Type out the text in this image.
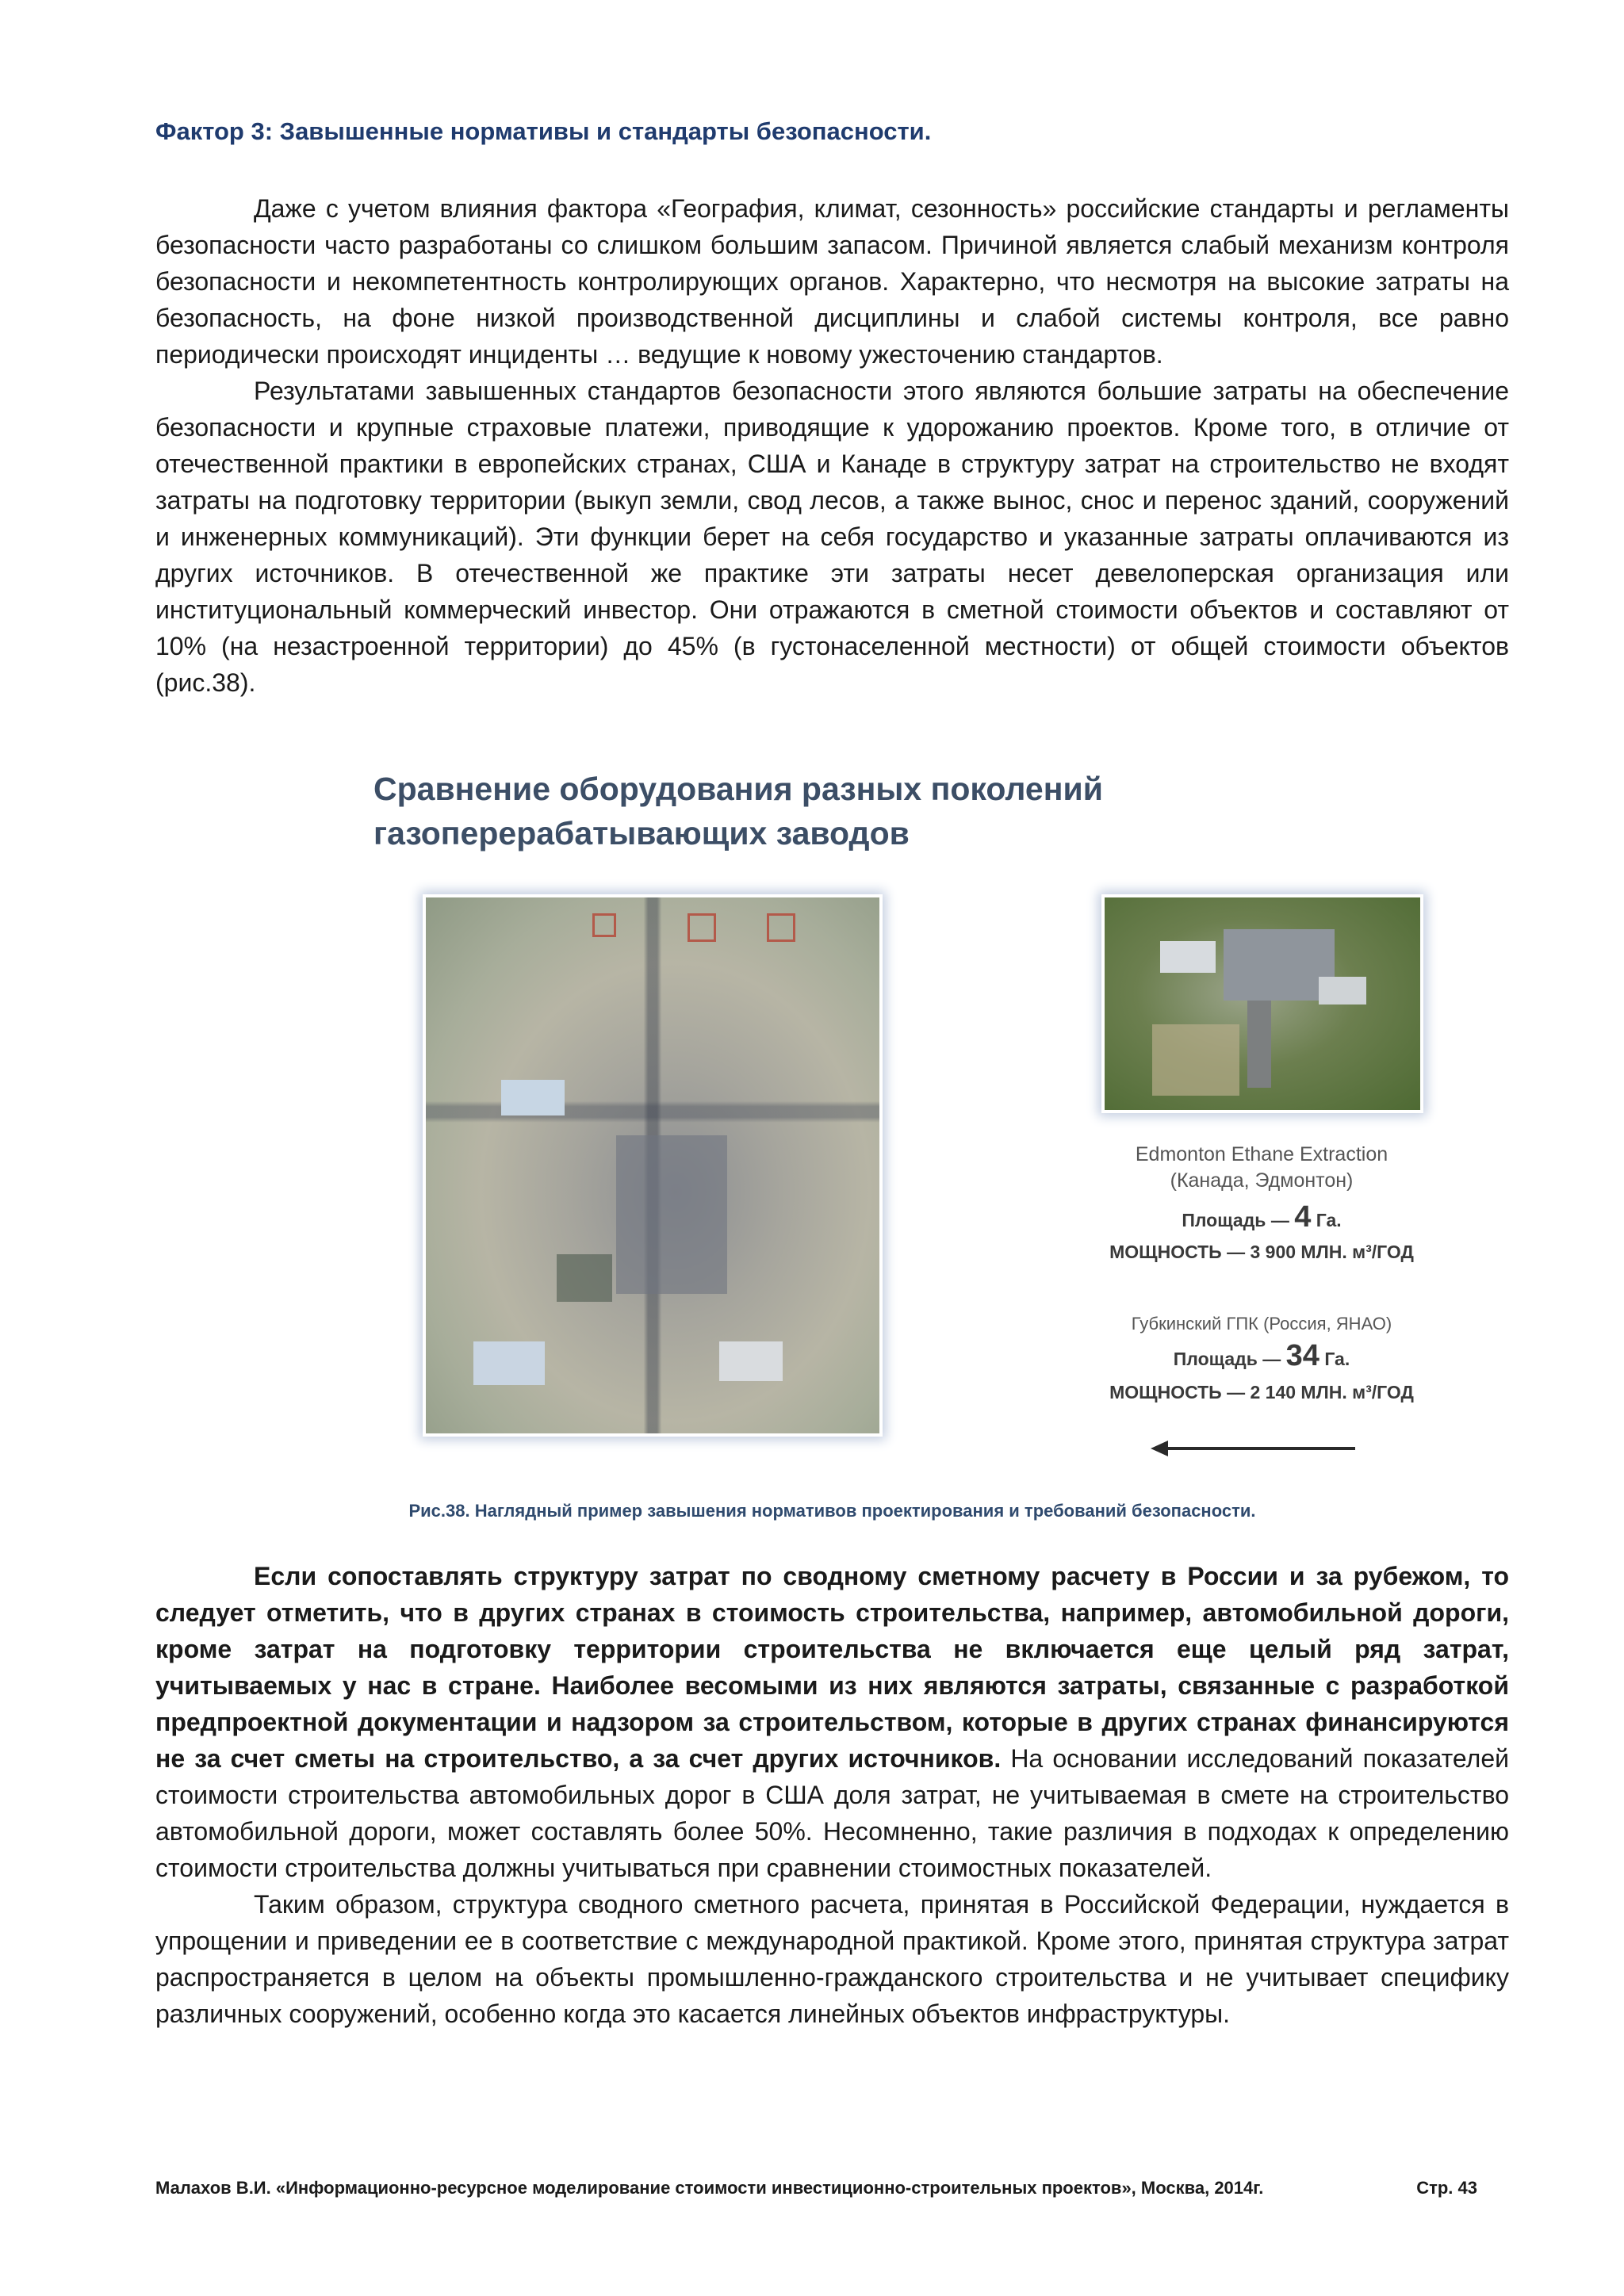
Фактор 3: Завышенные нормативы и стандарты безопасности.

Даже с учетом влияния фактора «География, климат, сезонность» российские стандарты и регламенты безопасности часто разработаны со слишком большим запасом. Причиной является слабый механизм контроля безопасности и некомпетентность контролирующих органов. Характерно, что несмотря на высокие затраты на безопасность, на фоне низкой производственной дисциплины и слабой системы контроля, все равно периодически происходят инциденты … ведущие к новому ужесточению стандартов.

Результатами завышенных стандартов безопасности этого являются большие затраты на обеспечение безопасности и крупные страховые платежи, приводящие к удорожанию проектов. Кроме того, в отличие от отечественной практики в европейских странах, США и Канаде в структуру затрат на строительство не входят затраты на подготовку территории (выкуп земли, свод лесов, а также вынос, снос и перенос зданий, сооружений и инженерных коммуникаций). Эти функции берет на себя государство и указанные затраты оплачиваются из других источников. В отечественной же практике эти затраты несет девелоперская организация или институциональный коммерческий инвестор. Они отражаются в сметной стоимости объектов и составляют от 10% (на незастроенной территории) до 45% (в густонаселенной местности) от общей стоимости объектов (рис.38).

Сравнение оборудования разных поколений
газоперерабатывающих заводов
Edmonton Ethane Extraction
(Канада, Эдмонтон)
Площадь — 4 Га.
МОЩНОСТЬ — 3 900 МЛН. м³/ГОД
Губкинский ГПК (Россия, ЯНАО)
Площадь — 34 Га.
МОЩНОСТЬ — 2 140 МЛН. м³/ГОД
Рис.38. Наглядный пример завышения нормативов проектирования и требований безопасности.

Если сопоставлять структуру затрат по сводному сметному расчету в России и за рубежом, то следует отметить, что в других странах в стоимость строительства, например, автомобильной дороги, кроме затрат на подготовку территории строительства не включается еще целый ряд затрат, учитываемых у нас в стране. Наиболее весомыми из них являются затраты, связанные с разработкой предпроектной документации и надзором за строительством, которые в других странах финансируются не за счет сметы на строительство, а за счет других источников. На основании исследований показателей стоимости строительства автомобильных дорог в США доля затрат, не учитываемая в смете на строительство автомобильной дороги, может составлять более 50%. Несомненно, такие различия в подходах к определению стоимости строительства должны учитываться при сравнении стоимостных показателей.

Таким образом, структура сводного сметного расчета, принятая в Российской Федерации, нуждается в упрощении и приведении ее в соответствие с международной практикой. Кроме этого, принятая структура затрат распространяется в целом на объекты промышленно-гражданского строительства и не учитывает специфику различных сооружений, особенно когда это касается линейных объектов инфраструктуры.

Малахов В.И. «Информационно-ресурсное моделирование стоимости инвестиционно-строительных проектов», Москва, 2014г.	Стр. 43
